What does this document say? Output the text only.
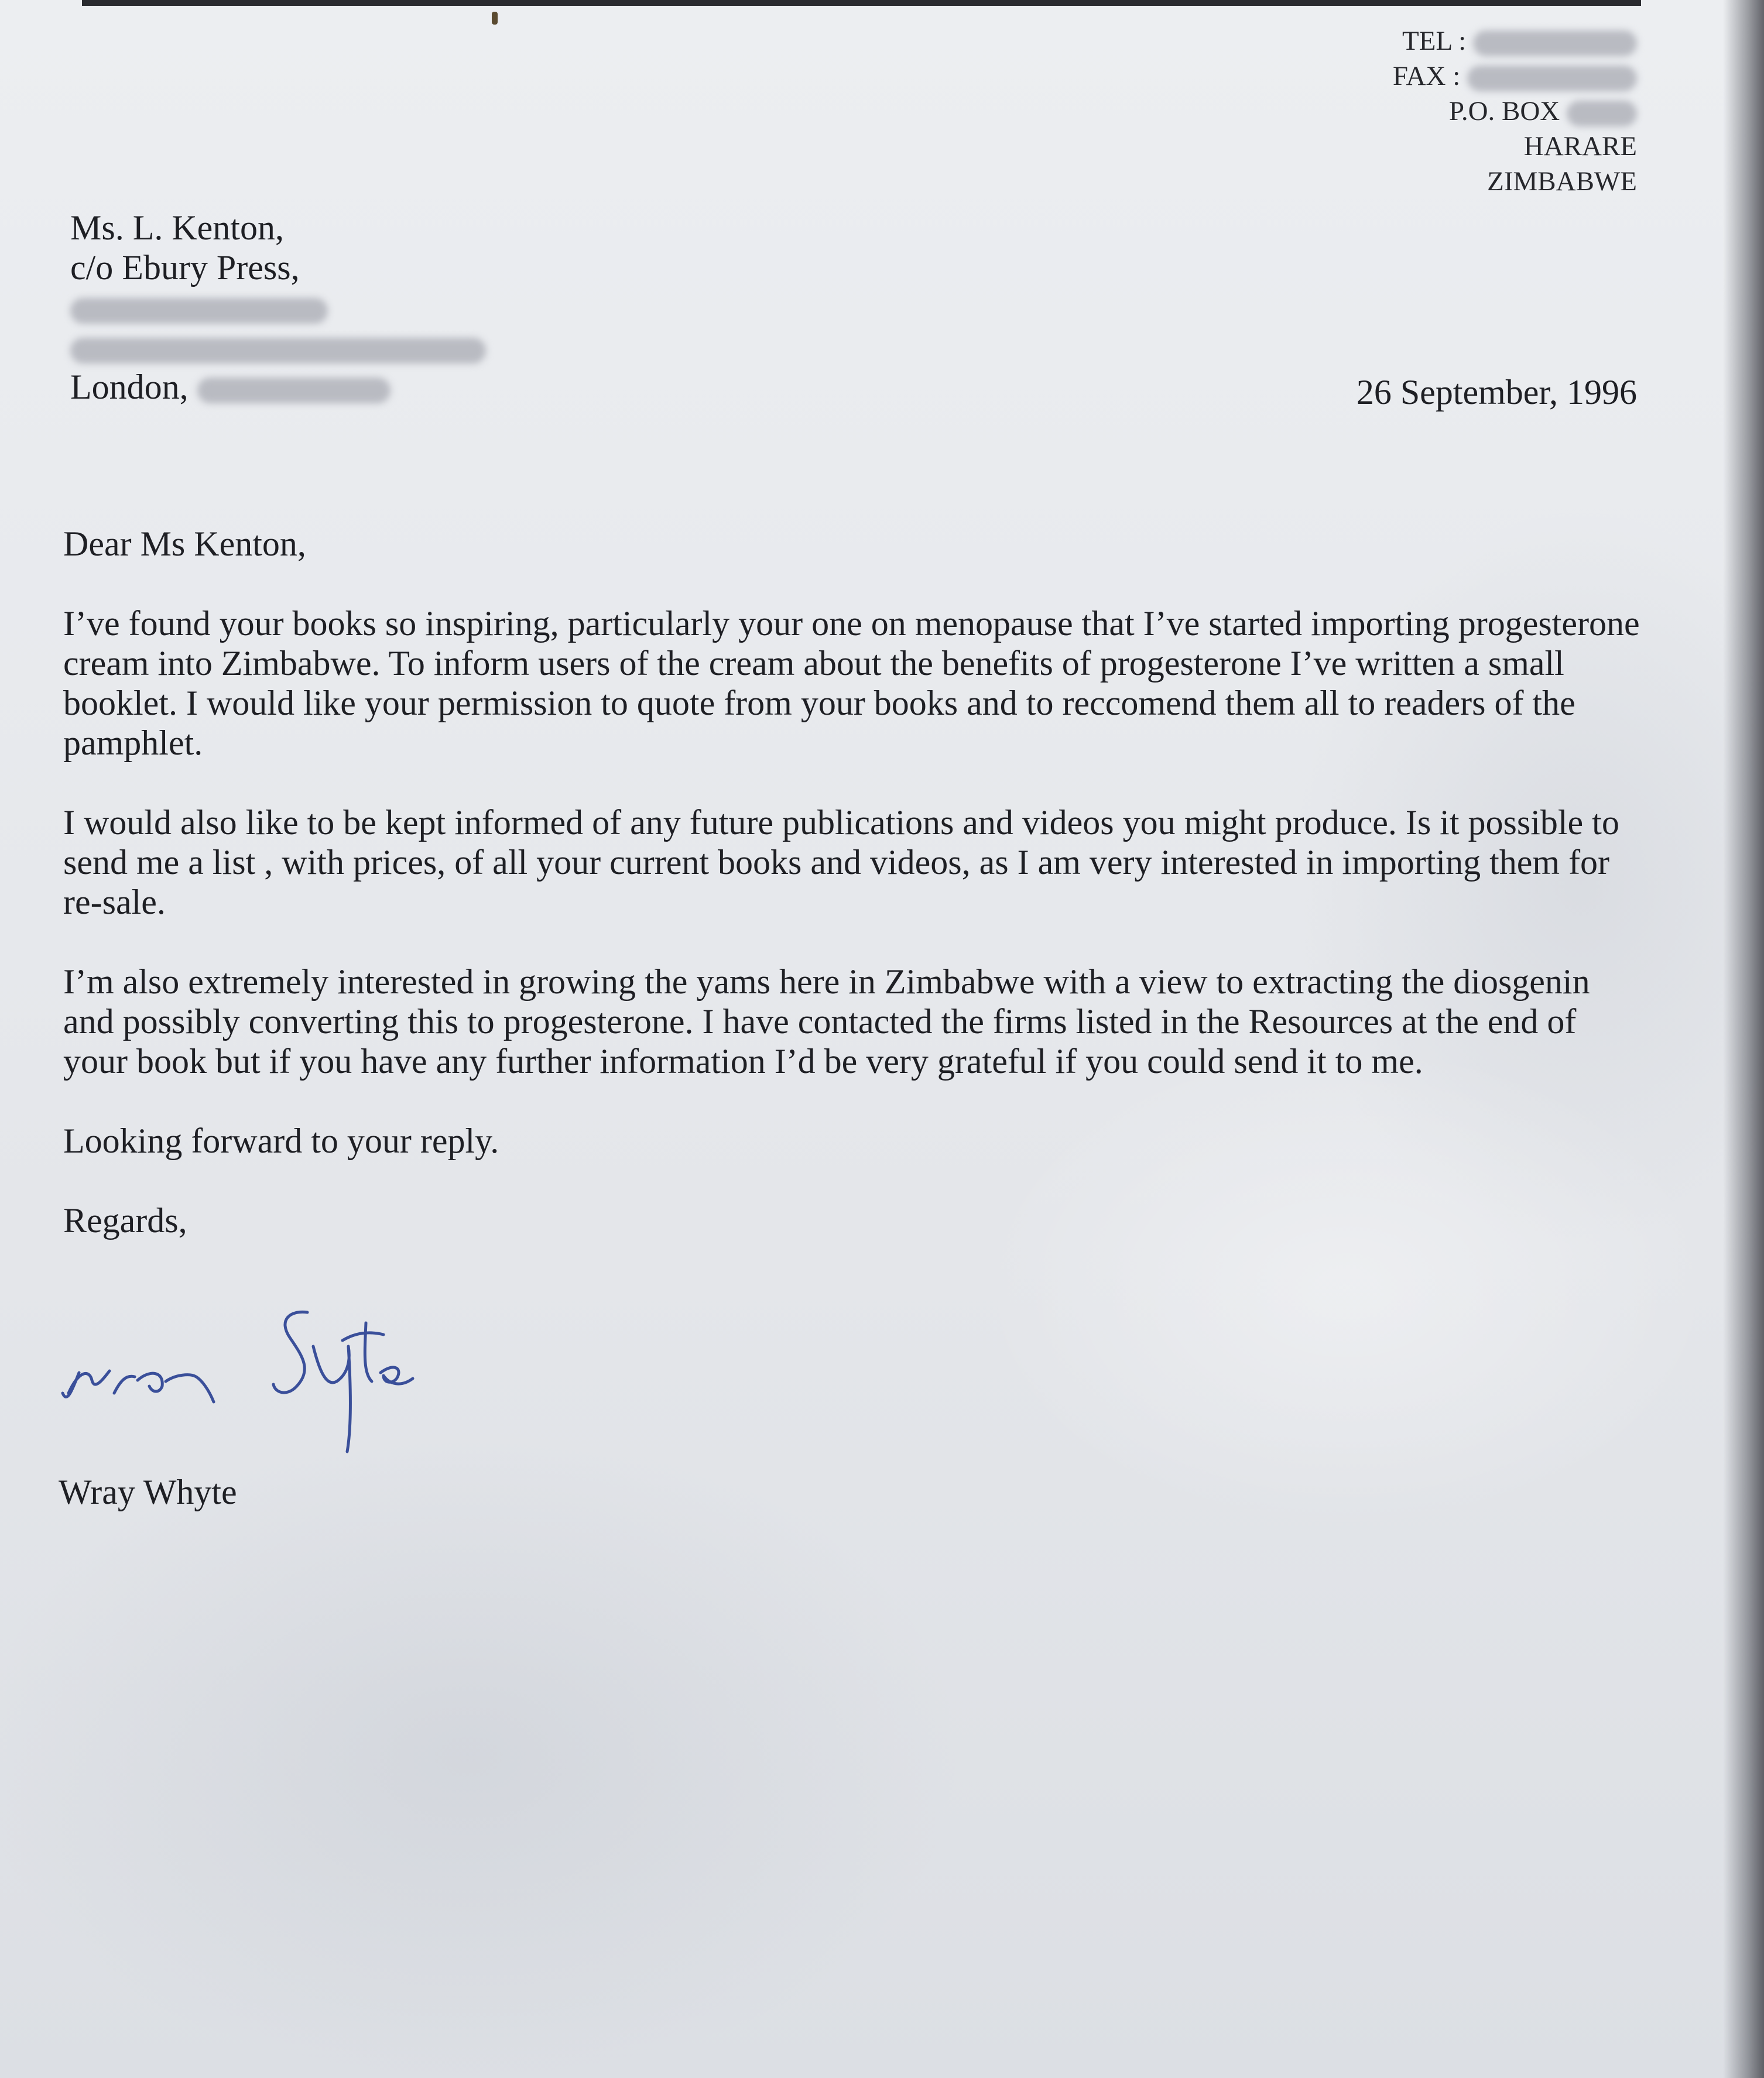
TEL :
FAX :
P.O. BOX
HARARE
ZIMBABWE
Ms. L. Kenton,
c/o Ebury Press,
London,	26 September, 1996

Dear Ms Kenton,

I’ve found your books so inspiring, particularly your one on menopause that I’ve started importing progesterone cream into Zimbabwe. To inform users of the cream about the benefits of progesterone I’ve written a small booklet. I would like your permission to quote from your books and to reccomend them all to readers of the pamphlet.

I would also like to be kept informed of any future publications and videos you might produce. Is it possible to send me a list , with prices, of all your current books and videos, as I am very interested in importing them for re-sale.

I’m also extremely interested in growing the yams here in Zimbabwe with a view to extracting the diosgenin and possibly converting this to progesterone. I have contacted the firms listed in the Resources at the end of your book but if you have any further information I’d be very grateful if you could send it to me.

Looking forward to your reply.

Regards,

Wray Whyte
